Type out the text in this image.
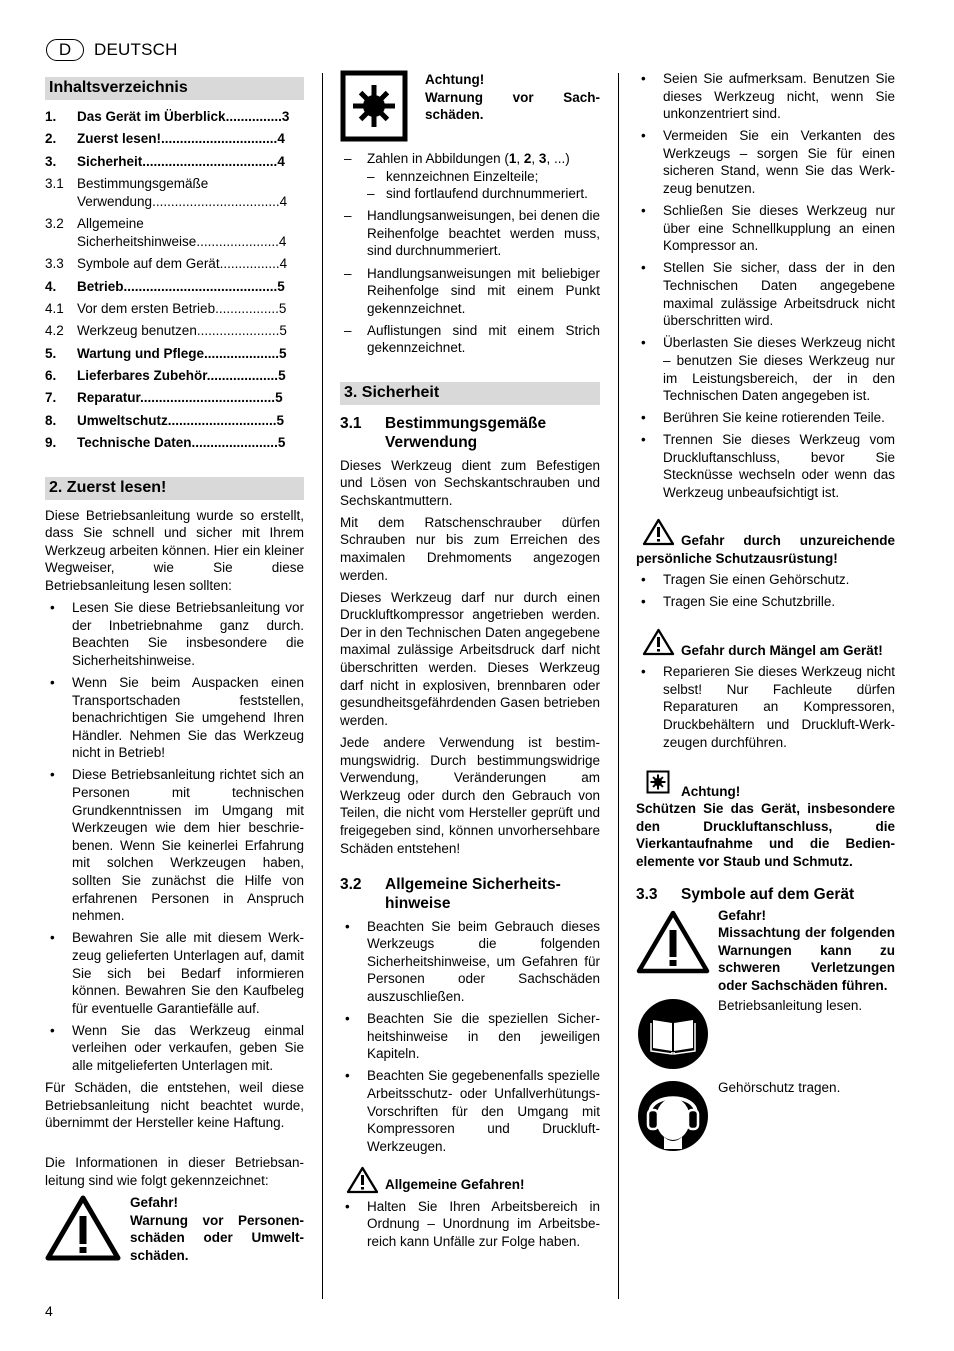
D DEUTSCH
Inhaltsverzeichnis
1.	Das Gerät im Überblick...............3
2.	Zuerst lesen!...............................4
3.	Sicherheit....................................4
3.1 Bestimmungsgemäße Verwendung..................................4
3.2 Allgemeine Sicherheitshinweise......................4
3.3 Symbole auf dem Gerät................4
4.	Betrieb.........................................5
4.1 Vor dem ersten Betrieb.................5
4.2 Werkzeug benutzen......................5
5.	Wartung und Pflege....................5
6.	Lieferbares Zubehör...................5
7.	Reparatur....................................5
8.	Umweltschutz.............................5
9.	Technische Daten.......................5
2. Zuerst lesen!

Diese Betriebsanleitung wurde so erstellt, dass Sie schnell und sicher mit Ihrem Werkzeug arbeiten können. Hier ein kleiner Wegweiser, wie Sie diese Betriebsanleitung lesen sollten:

• Lesen Sie diese Betriebsanleitung vor der Inbetriebnahme ganz durch. Beachten Sie insbesondere die Sicherheitshinweise.
• Wenn Sie beim Auspacken einen Transportschaden feststellen, benachrichtigen Sie umgehend Ihren Händler. Nehmen Sie das Werkzeug nicht in Betrieb!
• Diese Betriebsanleitung richtet sich an Personen mit technischen Grundkenntnissen im Umgang mit Werkzeugen wie dem hier beschriebenen. Wenn Sie keinerlei Erfahrung mit solchen Werkzeugen haben, sollten Sie zunächst die Hilfe von erfahrenen Personen in Anspruch nehmen.
• Bewahren Sie alle mit diesem Werkzeug gelieferten Unterlagen auf, damit Sie sich bei Bedarf informieren können. Bewahren Sie den Kaufbeleg für eventuelle Garantiefälle auf.
• Wenn Sie das Werkzeug einmal verleihen oder verkaufen, geben Sie alle mitgelieferten Unterlagen mit.

Für Schäden, die entstehen, weil diese Betriebsanleitung nicht beachtet wurde, übernimmt der Hersteller keine Haftung.

Die Informationen in dieser Betriebsanleitung sind wie folgt gekennzeichnet:

Gefahr!
Warnung vor Personenschäden oder Umweltschäden.
Achtung!
Warnung vor Sachschäden.
– Zahlen in Abbildungen (1, 2, 3, ...)
– kennzeichnen Einzelteile;
– sind fortlaufend durchnummeriert.
– Handlungsanweisungen, bei denen die Reihenfolge beachtet werden muss, sind durchnummeriert.
– Handlungsanweisungen mit beliebiger Reihenfolge sind mit einem Punkt gekennzeichnet.
– Auflistungen sind mit einem Strich gekennzeichnet.
3. Sicherheit
3.1	Bestimmungsgemäße Verwendung

Dieses Werkzeug dient zum Befestigen und Lösen von Sechskantschrauben und Sechskantmuttern.

Mit dem Ratschenschrauber dürfen Schrauben nur bis zum Erreichen des maximalen Drehmoments angezogen werden.

Dieses Werkzeug darf nur durch einen Druckluftkompressor angetrieben werden. Der in den Technischen Daten angegebene maximal zulässige Arbeitsdruck darf nicht überschritten werden. Dieses Werkzeug darf nicht in explosiven, brennbaren oder gesundheitsgefährdenden Gasen betrieben werden.

Jede andere Verwendung ist bestimmungswidrig. Durch bestimmungswidrige Verwendung, Veränderungen am Werkzeug oder durch den Gebrauch von Teilen, die nicht vom Hersteller geprüft und freigegeben sind, können unvorhersehbare Schäden entstehen!

3.2	Allgemeine Sicherheitshinweise
• Beachten Sie beim Gebrauch dieses Werkzeugs die folgenden Sicherheitshinweise, um Gefahren für Personen oder Sachschäden auszuschließen.
• Beachten Sie die speziellen Sicherheitshinweise in den jeweiligen Kapiteln.
• Beachten Sie gegebenenfalls spezielle Arbeitsschutz- oder Unfallverhütungs-Vorschriften für den Umgang mit Kompressoren und Druckluft-Werkzeugen.
Allgemeine Gefahren!
• Halten Sie Ihren Arbeitsbereich in Ordnung – Unordnung im Arbeitsbereich kann Unfälle zur Folge haben.
• Seien Sie aufmerksam. Benutzen Sie dieses Werkzeug nicht, wenn Sie unkonzentriert sind.
• Vermeiden Sie ein Verkanten des Werkzeugs – sorgen Sie für einen sicheren Stand, wenn Sie das Werkzeug benutzen.
• Schließen Sie dieses Werkzeug nur über eine Schnellkupplung an einen Kompressor an.
• Stellen Sie sicher, dass der in den Technischen Daten angegebene maximal zulässige Arbeitsdruck nicht überschritten wird.
• Überlasten Sie dieses Werkzeug nicht – benutzen Sie dieses Werkzeug nur im Leistungsbereich, der in den Technischen Daten angegeben ist.
• Berühren Sie keine rotierenden Teile.
• Trennen Sie dieses Werkzeug vom Druckluftanschluss, bevor Sie Stecknüsse wechseln oder wenn das Werkzeug unbeaufsichtigt ist.
Gefahr durch unzureichende persönliche Schutzausrüstung!
• Tragen Sie einen Gehörschutz.
• Tragen Sie eine Schutzbrille.
Gefahr durch Mängel am Gerät!
• Reparieren Sie dieses Werkzeug nicht selbst! Nur Fachleute dürfen Reparaturen an Kompressoren, Druckbehältern und Druckluft-Werkzeugen durchführen.
Achtung!
Schützen Sie das Gerät, insbesondere den Druckluftanschluss, die Vierkantaufnahme und die Bedienelemente vor Staub und Schmutz.
3.3	Symbole auf dem Gerät
Gefahr!
Missachtung der folgenden Warnungen kann zu schweren Verletzungen oder Sachschäden führen.
Betriebsanleitung lesen.
Gehörschutz tragen.
4
